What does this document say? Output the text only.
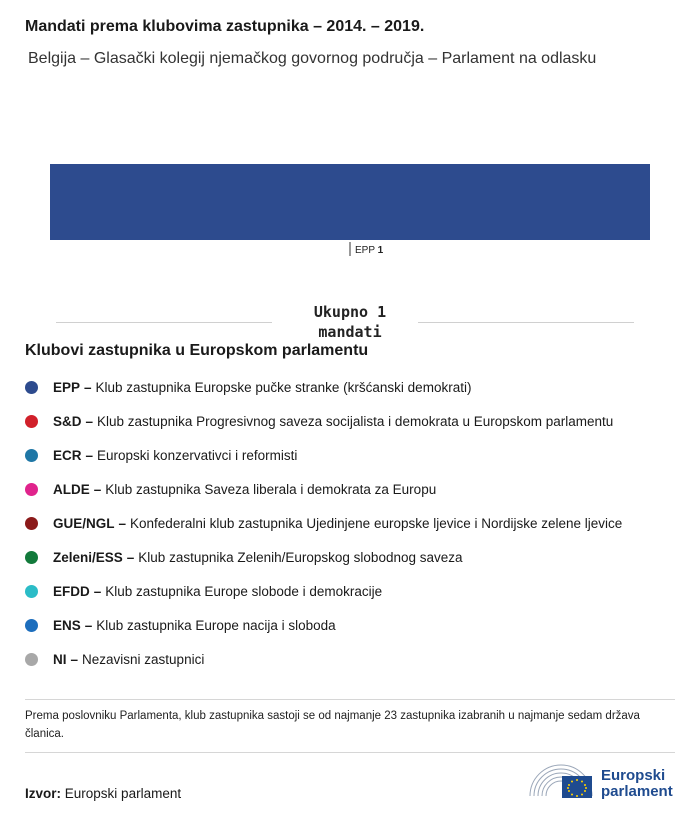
Mandati prema klubovima zastupnika – 2014. – 2019.
Belgija – Glasački kolegij njemačkog govornog područja – Parlament na odlasku
EPP 1
Ukupno 1
mandati
Klubovi zastupnika u Europskom parlamentu
EPP – Klub zastupnika Europske pučke stranke (kršćanski demokrati)
S&D – Klub zastupnika Progresivnog saveza socijalista i demokrata u Europskom parlamentu
ECR – Europski konzervativci i reformisti
ALDE – Klub zastupnika Saveza liberala i demokrata za Europu
GUE/NGL – Konfederalni klub zastupnika Ujedinjene europske ljevice i Nordijske zelene ljevice
Zeleni/ESS – Klub zastupnika Zelenih/Europskog slobodnog saveza
EFDD – Klub zastupnika Europe slobode i demokracije
ENS – Klub zastupnika Europe nacija i sloboda
NI – Nezavisni zastupnici
Prema poslovniku Parlamenta, klub zastupnika sastoji se od najmanje 23 zastupnika izabranih u najmanje sedam država članica.
Izvor: Europski parlament
Europski
parlament
